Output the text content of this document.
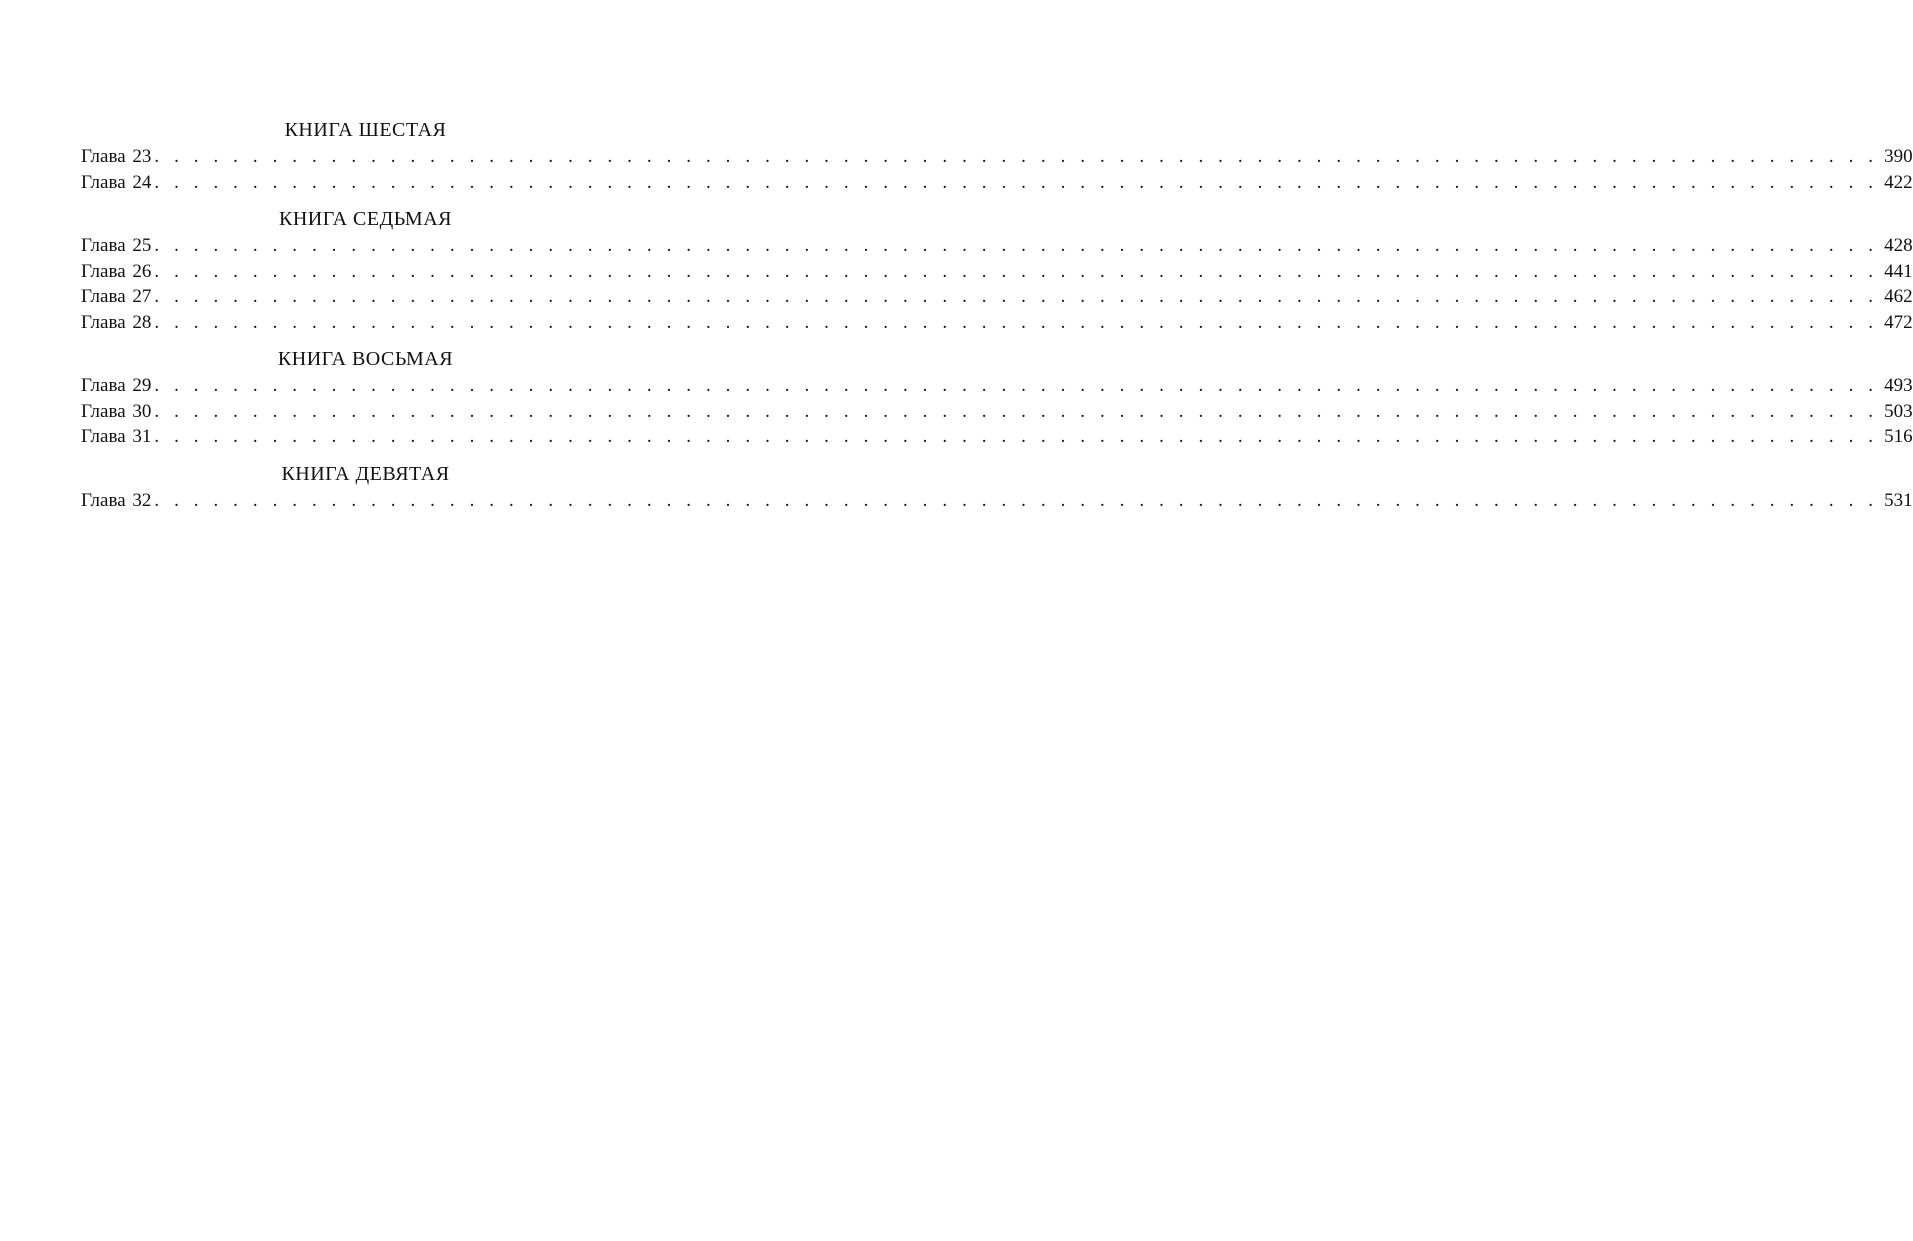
КНИГА ШЕСТАЯ
Глава 23 . . . . . . . . . . . . . . . . . . . . . . . . . . . . . . . . . . . . . . . . . . . . . . . . . . . . . . . . . . . . . . . . . . . . . . . . . . . . . . . . . . . . . . . . 390
Глава 24 . . . . . . . . . . . . . . . . . . . . . . . . . . . . . . . . . . . . . . . . . . . . . . . . . . . . . . . . . . . . . . . . . . . . . . . . . . . . . . . . . . . . . . . . 422
КНИГА СЕДЬМАЯ
Глава 25 . . . . . . . . . . . . . . . . . . . . . . . . . . . . . . . . . . . . . . . . . . . . . . . . . . . . . . . . . . . . . . . . . . . . . . . . . . . . . . . . . . . . . . . . 428
Глава 26 . . . . . . . . . . . . . . . . . . . . . . . . . . . . . . . . . . . . . . . . . . . . . . . . . . . . . . . . . . . . . . . . . . . . . . . . . . . . . . . . . . . . . . . . 441
Глава 27 . . . . . . . . . . . . . . . . . . . . . . . . . . . . . . . . . . . . . . . . . . . . . . . . . . . . . . . . . . . . . . . . . . . . . . . . . . . . . . . . . . . . . . . . 462
Глава 28 . . . . . . . . . . . . . . . . . . . . . . . . . . . . . . . . . . . . . . . . . . . . . . . . . . . . . . . . . . . . . . . . . . . . . . . . . . . . . . . . . . . . . . . . 472
КНИГА ВОСЬМАЯ
Глава 29 . . . . . . . . . . . . . . . . . . . . . . . . . . . . . . . . . . . . . . . . . . . . . . . . . . . . . . . . . . . . . . . . . . . . . . . . . . . . . . . . . . . . . . . . 493
Глава 30 . . . . . . . . . . . . . . . . . . . . . . . . . . . . . . . . . . . . . . . . . . . . . . . . . . . . . . . . . . . . . . . . . . . . . . . . . . . . . . . . . . . . . . . . 503
Глава 31 . . . . . . . . . . . . . . . . . . . . . . . . . . . . . . . . . . . . . . . . . . . . . . . . . . . . . . . . . . . . . . . . . . . . . . . . . . . . . . . . . . . . . . . . 516
КНИГА ДЕВЯТАЯ
Глава 32 . . . . . . . . . . . . . . . . . . . . . . . . . . . . . . . . . . . . . . . . . . . . . . . . . . . . . . . . . . . . . . . . . . . . . . . . . . . . . . . . . . . . . . . . 531
